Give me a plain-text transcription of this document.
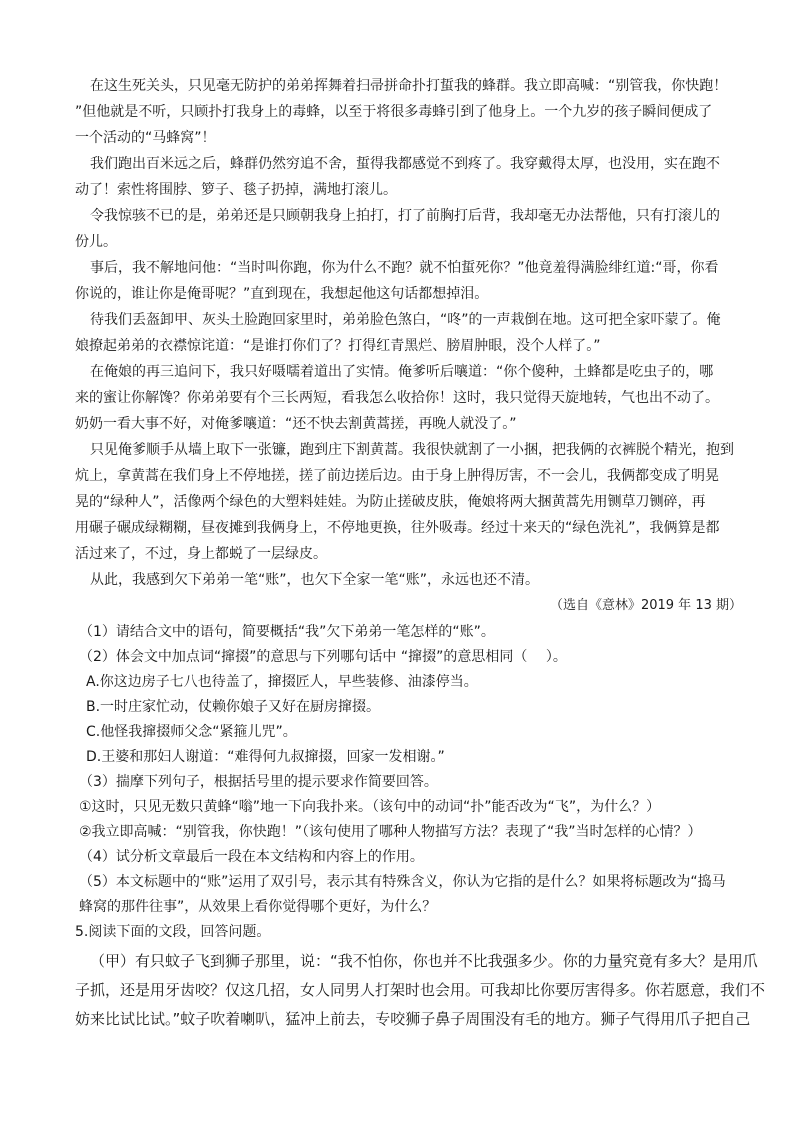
在这生死关头，只见毫无防护的弟弟挥舞着扫帚拼命扑打蜇我的蜂群。我立即高喊：“别管我，你快跑！
”但他就是不听，只顾扑打我身上的毒蜂，以至于将很多毒蜂引到了他身上。一个九岁的孩子瞬间便成了
一个活动的“马蜂窝”！
我们跑出百米远之后，蜂群仍然穷追不舍，蜇得我都感觉不到疼了。我穿戴得太厚，也没用，实在跑不
动了！索性将围脖、箩子、毯子扔掉，满地打滚儿。
令我惊骇不已的是，弟弟还是只顾朝我身上拍打，打了前胸打后背，我却毫无办法帮他，只有打滚儿的
份儿。
事后，我不解地问他：“当时叫你跑，你为什么不跑？就不怕蜇死你？”他竟羞得满脸绯红道:“哥，你看
你说的，谁让你是俺哥呢？”直到现在，我想起他这句话都想掉泪。
待我们丢盔卸甲、灰头土脸跑回家里时，弟弟脸色煞白，“咚”的一声栽倒在地。这可把全家吓蒙了。俺
娘撩起弟弟的衣襟惊诧道：“是谁打你们了？打得红青黑烂、膀眉肿眼，没个人样了。”
在俺娘的再三追问下，我只好嗫嚅着道出了实情。俺爹听后嚷道：“你个傻种，土蜂都是吃虫子的，哪
来的蜜让你解馋？你弟弟要有个三长两短，看我怎么收拾你！这时，我只觉得天旋地转，气也出不动了。
奶奶一看大事不好，对俺爹嚷道：“还不快去割黄蒿搓，再晚人就没了。”
只见俺爹顺手从墙上取下一张镰，跑到庄下割黄蒿。我很快就割了一小捆，把我俩的衣裤脱个精光，抱到
炕上，拿黄蒿在我们身上不停地搓，搓了前边搓后边。由于身上肿得厉害，不一会儿，我俩都变成了明晃
晃的“绿种人”，活像两个绿色的大塑料娃娃。为防止搓破皮肤，俺娘将两大捆黄蒿先用铡草刀铡碎，再
用碾子碾成绿糊糊，昼夜摊到我俩身上，不停地更换，往外吸毒。经过十来天的“绿色洗礼”，我俩算是都
活过来了，不过，身上都蜕了一层绿皮。
从此，我感到欠下弟弟一笔“账”，也欠下全家一笔“账”，永远也还不清。
（选自《意林》2019 年 13 期）
（1）请结合文中的语句，简要概括“我”欠下弟弟一笔怎样的“账”。
（2）体会文中加点词“撺掇”的意思与下列哪句话中 “撺掇”的意思相同（　 ）。
A.你这边房子七八也待盖了，撺掇匠人，早些装修、油漆停当。
B.一时庄家忙动，仗赖你娘子又好在厨房撺掇。
C.他怪我撺掇师父念“紧箍儿咒”。
D.王婆和那妇人谢道：“难得何九叔撺掇，回家一发相谢。”
（3）揣摩下列句子，根据括号里的提示要求作简要回答。
①这时，只见无数只黄蜂“嗡”地一下向我扑来。（该句中的动词“扑”能否改为“飞”，为什么？）
②我立即高喊：“别管我，你快跑！”（该句使用了哪种人物描写方法？表现了“我”当时怎样的心情？）
（4）试分析文章最后一段在本文结构和内容上的作用。
（5）本文标题中的“账”运用了双引号，表示其有特殊含义，你认为它指的是什么？如果将标题改为“捣马
蜂窝的那件往事”，从效果上看你觉得哪个更好，为什么？
5.阅读下面的文段，回答问题。
（甲）有只蚊子飞到狮子那里，说：“我不怕你，你也并不比我强多少。你的力量究竟有多大？是用爪
子抓，还是用牙齿咬？仅这几招，女人同男人打架时也会用。可我却比你要厉害得多。你若愿意，我们不
妨来比试比试。”蚊子吹着喇叭，猛冲上前去，专咬狮子鼻子周围没有毛的地方。狮子气得用爪子把自己
